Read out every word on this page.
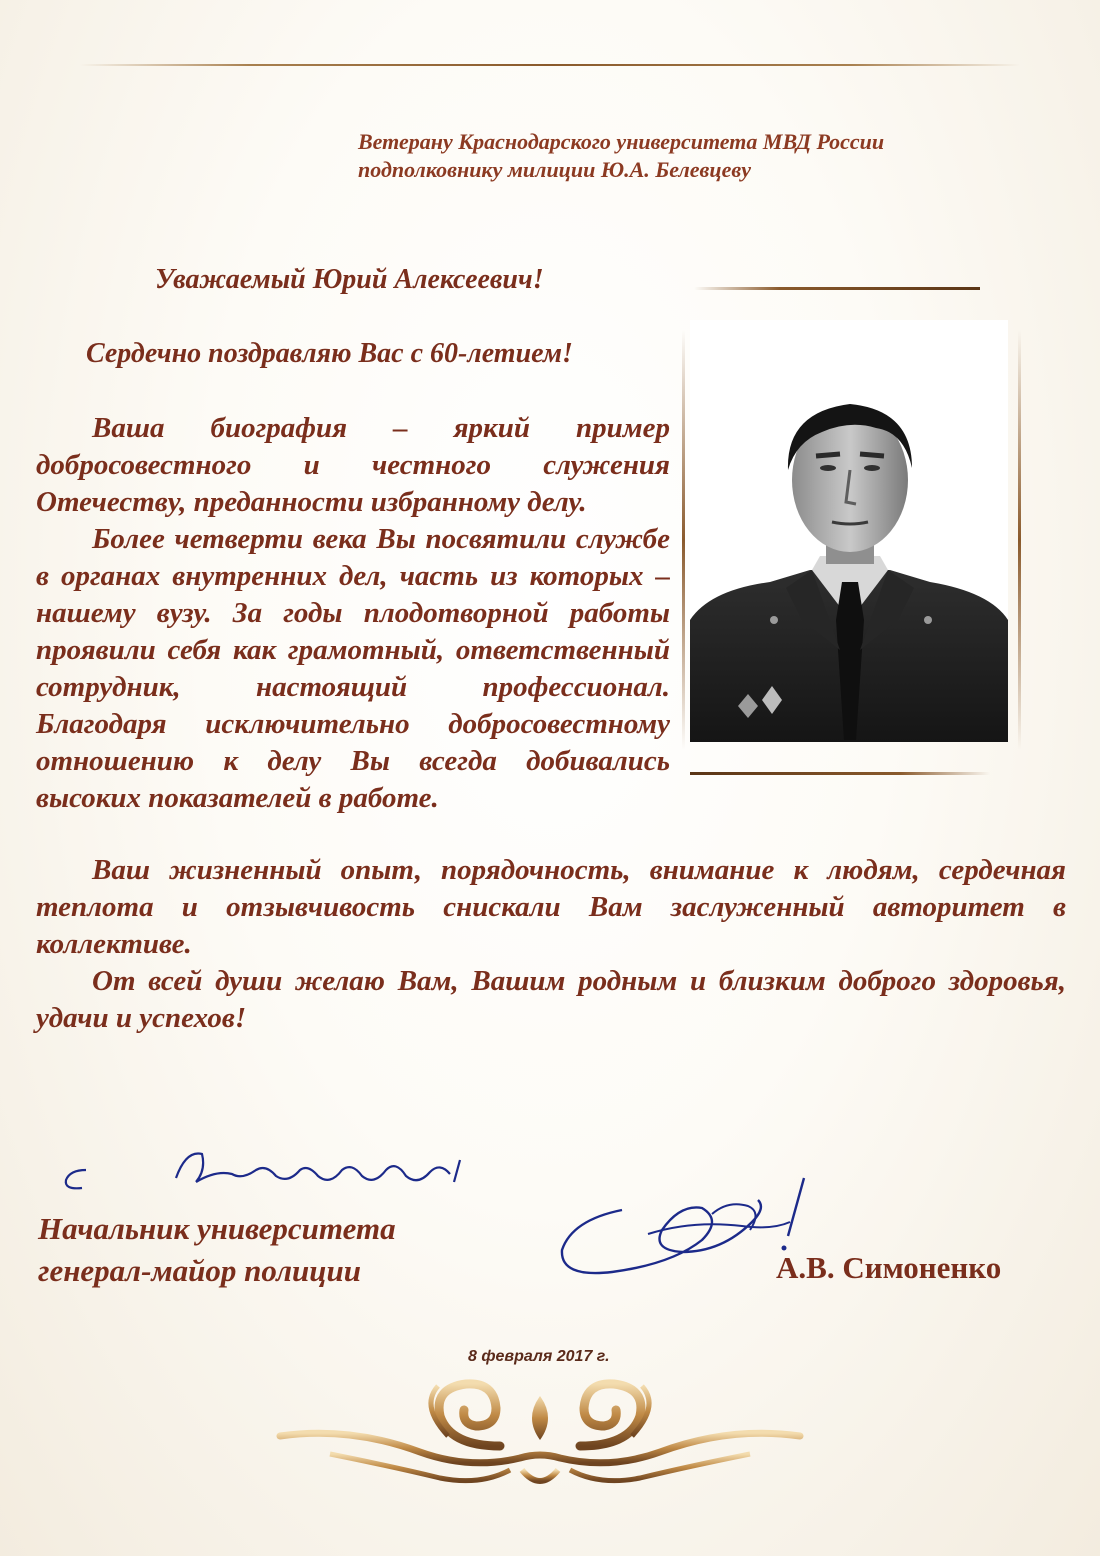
Ветерану Краснодарского университета МВД России
подполковнику милиции Ю.А. Белевцеву
Уважаемый Юрий Алексеевич!
Сердечно поздравляю Вас с 60-летием!

Ваша биография – яркий пример добросовестного и честного служения Отечеству, преданности избранному делу.

Более четверти века Вы посвятили службе в органах внутренних дел, часть из которых – нашему вузу. За годы плодотворной работы проявили себя как грамотный, ответственный сотрудник, настоящий профессионал. Благодаря исключительно добросовестному отношению к делу Вы всегда добивались высоких показателей в работе.

Ваш жизненный опыт, порядочность, внимание к людям, сердечная теплота и отзывчивость снискали Вам заслуженный авторитет в коллективе.

От всей души желаю Вам, Вашим родным и близким доброго здоровья, удачи и успехов!

Начальник университета
генерал-майор полиции	А.В. Симоненко
8 февраля 2017 г.
